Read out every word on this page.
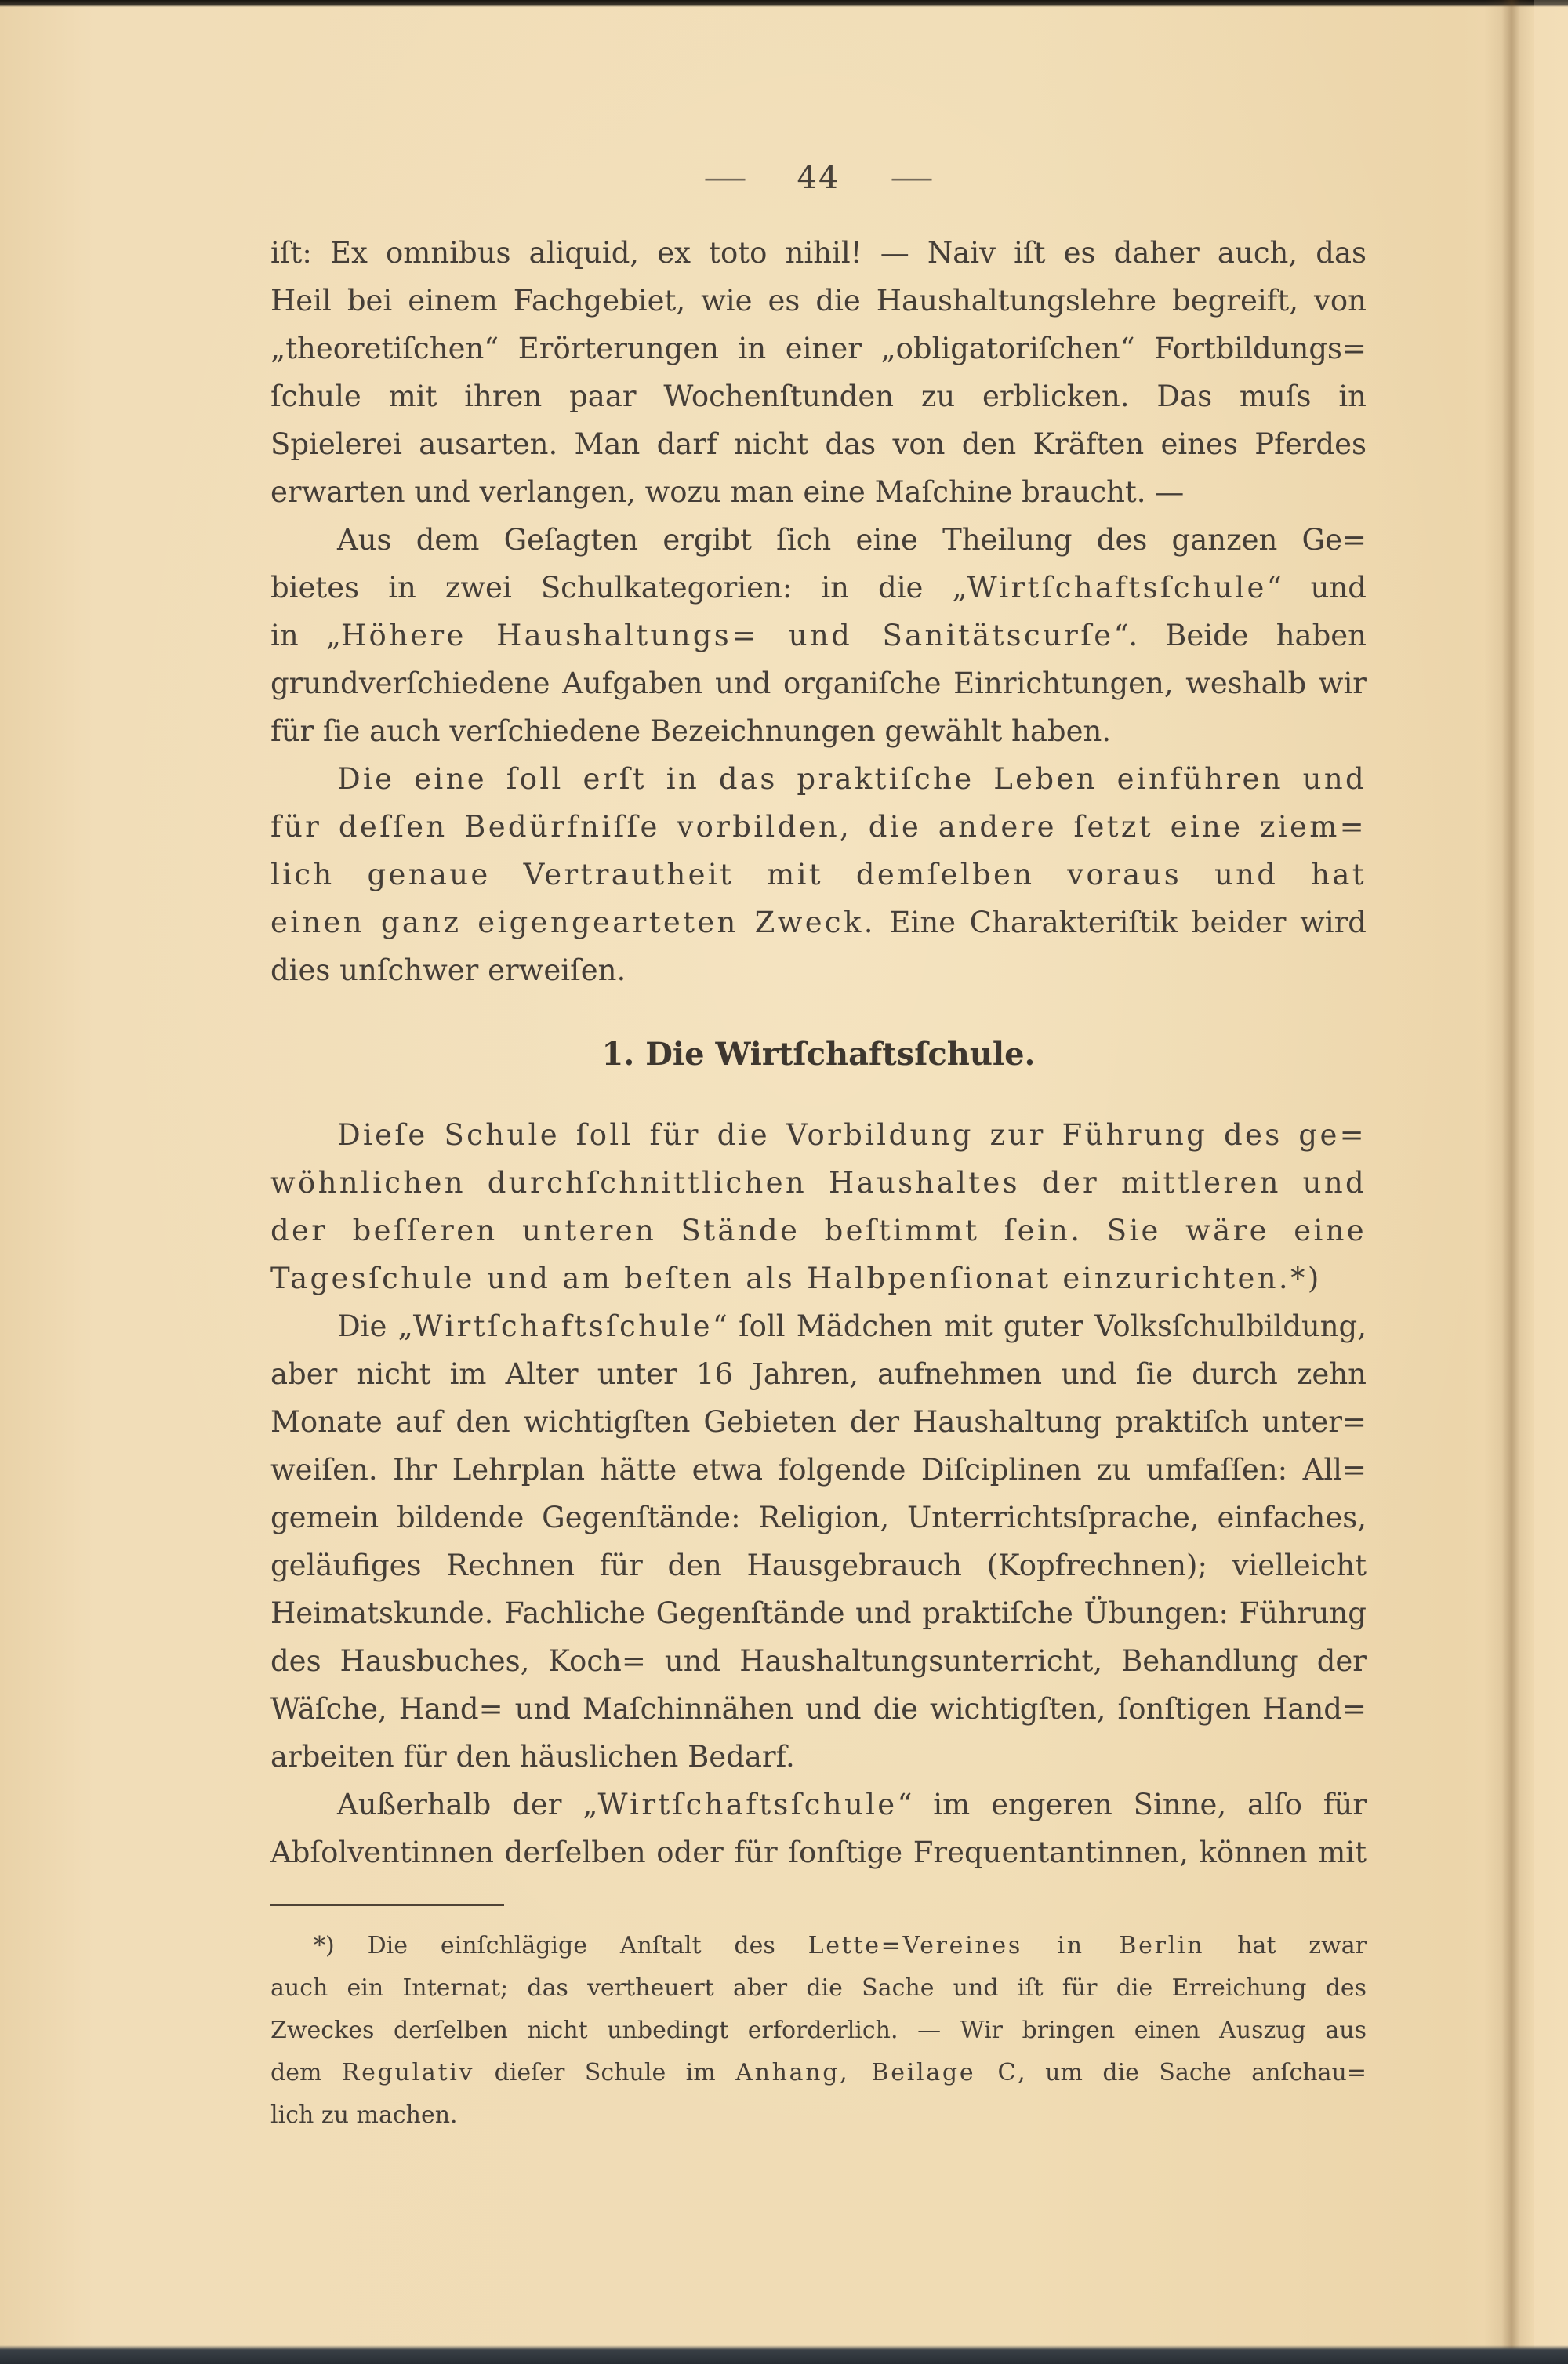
— 44 —
iſt: Ex omnibus aliquid, ex toto nihil! — Naiv iſt es daher auch, das
Heil bei einem Fachgebiet, wie es die Haushaltungslehre begreift, von
„theoretiſchen“ Erörterungen in einer „obligatoriſchen“ Fortbildungs=
ſchule mit ihren paar Wochenſtunden zu erblicken. Das muſs in
Spielerei ausarten. Man darf nicht das von den Kräften eines Pferdes
erwarten und verlangen, wozu man eine Maſchine braucht. —
Aus dem Geſagten ergibt ſich eine Theilung des ganzen Ge=
bietes in zwei Schulkategorien: in die „Wirtſchaftsſchule“ und
in „Höhere Haushaltungs= und Sanitätscurſe“. Beide haben
grundverſchiedene Aufgaben und organiſche Einrichtungen, weshalb wir
für ſie auch verſchiedene Bezeichnungen gewählt haben.
Die eine ſoll erſt in das praktiſche Leben einführen und
für deſſen Bedürfniſſe vorbilden, die andere ſetzt eine ziem=
lich genaue Vertrautheit mit demſelben voraus und hat
einen ganz eigengearteten Zweck. Eine Charakteriſtik beider wird
dies unſchwer erweiſen.
1. Die Wirtſchaftsſchule.
Dieſe Schule ſoll für die Vorbildung zur Führung des ge=
wöhnlichen durchſchnittlichen Haushaltes der mittleren und
der beſſeren unteren Stände beſtimmt ſein. Sie wäre eine
Tagesſchule und am beſten als Halbpenſionat einzurichten.*)
Die „Wirtſchaftsſchule“ ſoll Mädchen mit guter Volksſchulbildung,
aber nicht im Alter unter 16 Jahren, aufnehmen und ſie durch zehn
Monate auf den wichtigſten Gebieten der Haushaltung praktiſch unter=
weiſen. Ihr Lehrplan hätte etwa folgende Diſciplinen zu umfaſſen: All=
gemein bildende Gegenſtände: Religion, Unterrichtsſprache, einfaches,
geläufiges Rechnen für den Hausgebrauch (Kopfrechnen); vielleicht
Heimatskunde. Fachliche Gegenſtände und praktiſche Übungen: Führung
des Hausbuches, Koch= und Haushaltungsunterricht, Behandlung der
Wäſche, Hand= und Maſchinnähen und die wichtigſten, ſonſtigen Hand=
arbeiten für den häuslichen Bedarf.
Außerhalb der „Wirtſchaftsſchule“ im engeren Sinne, alſo für
Abſolventinnen derſelben oder für ſonſtige Frequentantinnen, können mit
*) Die einſchlägige Anſtalt des Lette=Vereines in Berlin hat zwar
auch ein Internat; das vertheuert aber die Sache und iſt für die Erreichung des
Zweckes derſelben nicht unbedingt erforderlich. — Wir bringen einen Auszug aus
dem Regulativ dieſer Schule im Anhang, Beilage C, um die Sache anſchau=
lich zu machen.
